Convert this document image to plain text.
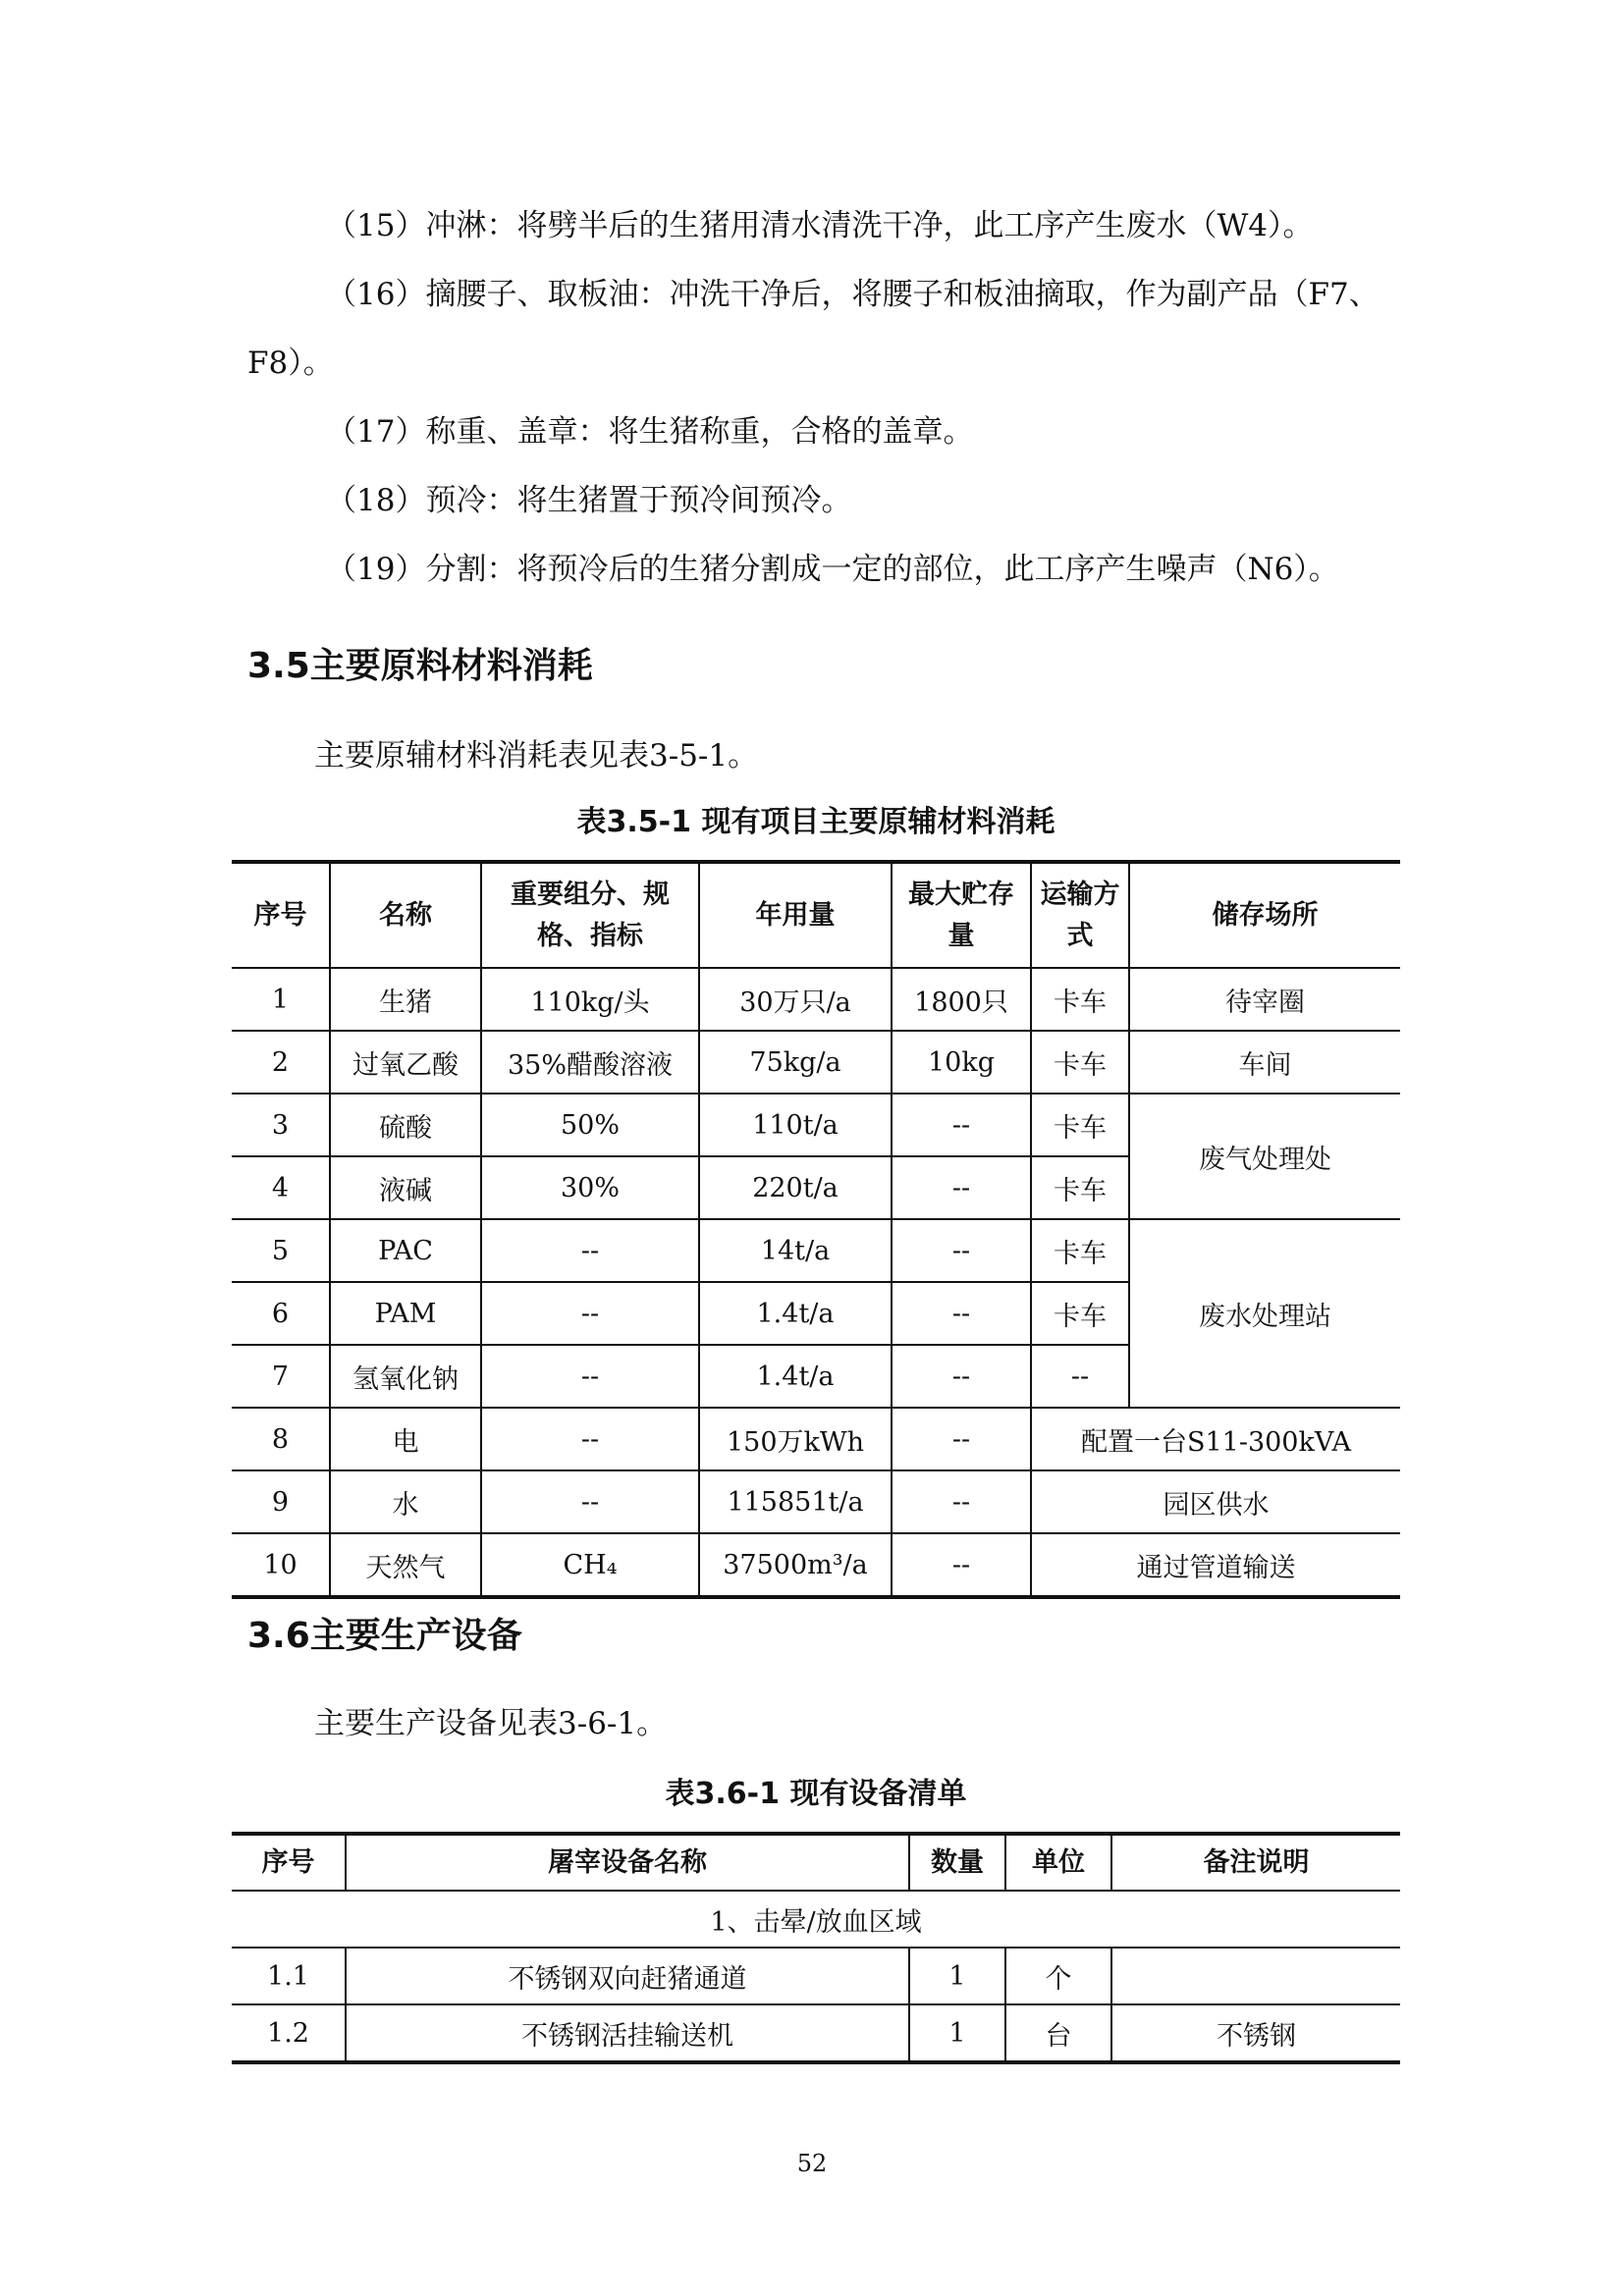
（15）冲淋：将劈半后的生猪用清水清洗干净，此工序产生废水（W4）。

（16）摘腰子、取板油：冲洗干净后，将腰子和板油摘取，作为副产品（F7、

F8）。

（17）称重、盖章：将生猪称重，合格的盖章。

（18）预冷：将生猪置于预冷间预冷。

（19）分割：将预冷后的生猪分割成一定的部位，此工序产生噪声（N6）。

3.5主要原料材料消耗

主要原辅材料消耗表见表3-5-1。

表3.5-1 现有项目主要原辅材料消耗

序号	名称	重要组分、规格、指标	年用量	最大贮存量	运输方式	储存场所
1	生猪	110kg/头	30万只/a	1800只	卡车	待宰圈
2	过氧乙酸	35%醋酸溶液	75kg/a	10kg	卡车	车间
3	硫酸	50%	110t/a	--	卡车	废气处理处
4	液碱	30%	220t/a	--	卡车	
5	PAC	--	14t/a	--	卡车	废水处理站
6	PAM	--	1.4t/a	--	卡车	
7	氢氧化钠	--	1.4t/a	--	--	
8	电	--	150万kWh	--	配置一台S11-300kVA	
9	水	--	115851t/a	--	园区供水	
10	天然气	CH₄	37500m³/a	--	通过管道输送	
3.6主要生产设备

主要生产设备见表3-6-1。

表3.6-1 现有设备清单

序号	屠宰设备名称	数量	单位	备注说明
1、击晕/放血区域				
1.1	不锈钢双向赶猪通道	1	个	
1.2	不锈钢活挂输送机	1	台	不锈钢
52
